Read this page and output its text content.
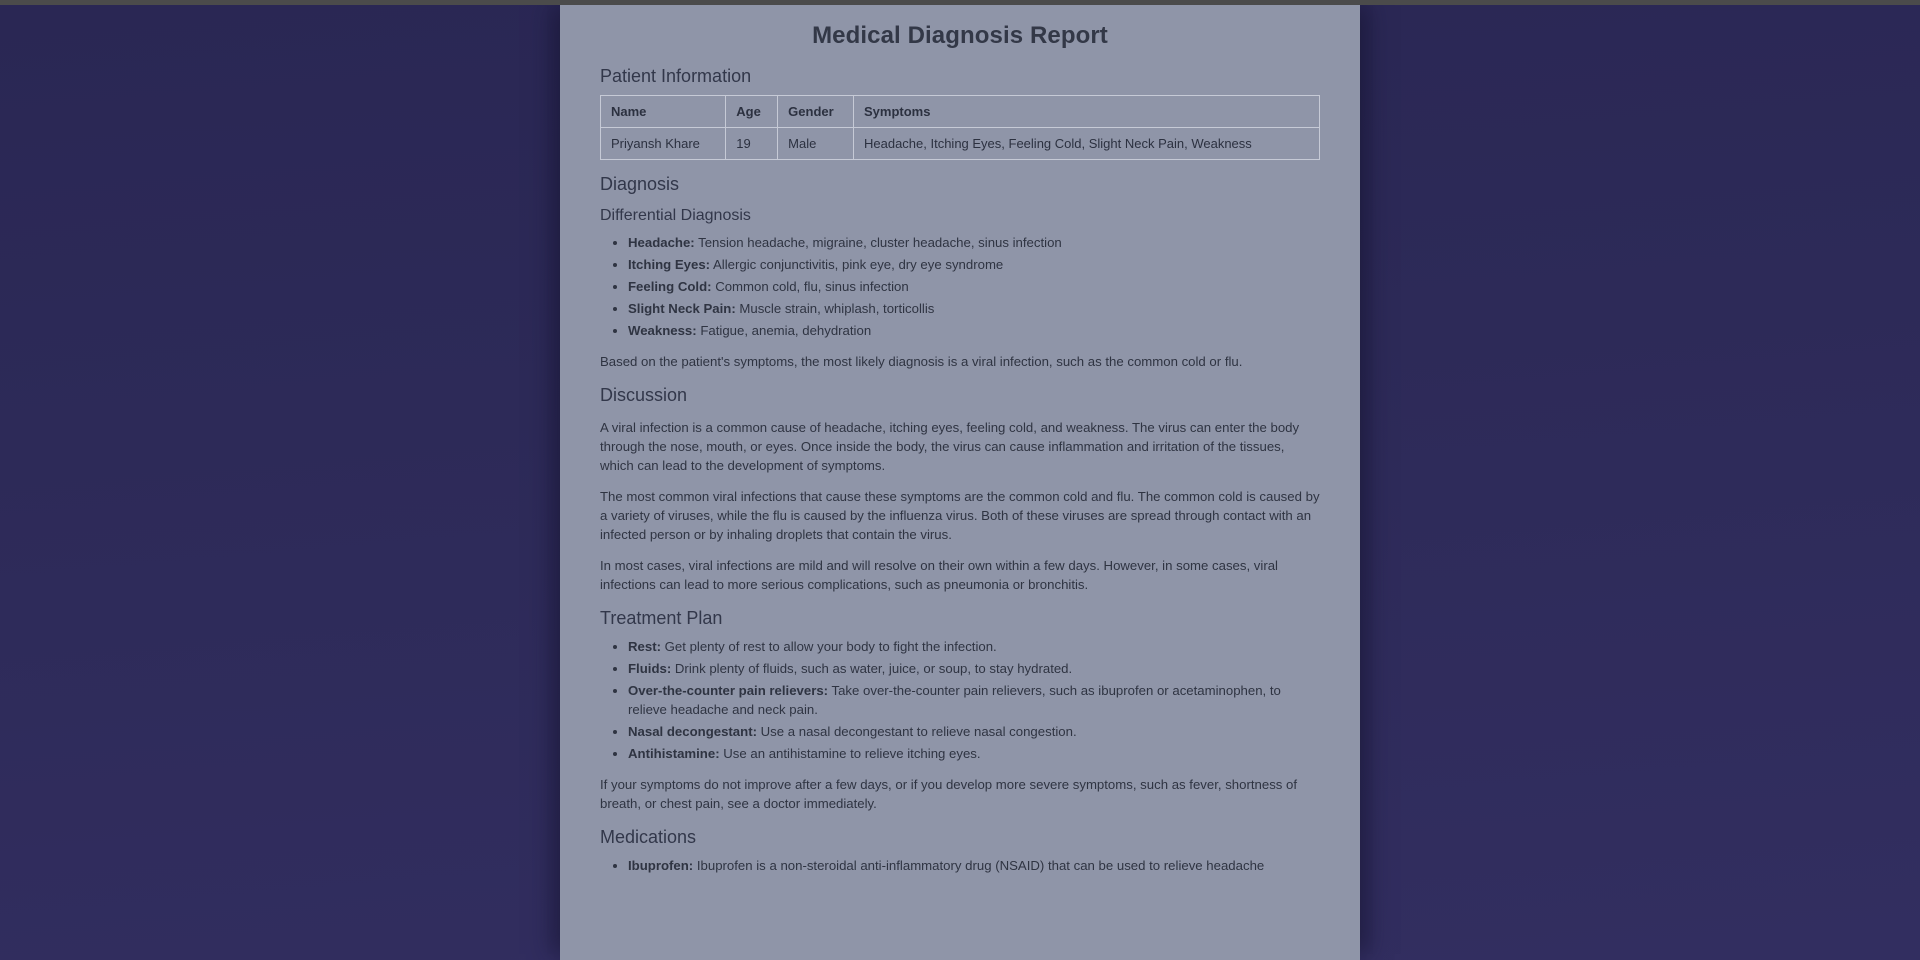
Medical Diagnosis Report
Patient Information
Name	Age	Gender	Symptoms
Priyansh Khare	19	Male	Headache, Itching Eyes, Feeling Cold, Slight Neck Pain, Weakness
Diagnosis
Differential Diagnosis
• Headache: Tension headache, migraine, cluster headache, sinus infection
• Itching Eyes: Allergic conjunctivitis, pink eye, dry eye syndrome
• Feeling Cold: Common cold, flu, sinus infection
• Slight Neck Pain: Muscle strain, whiplash, torticollis
• Weakness: Fatigue, anemia, dehydration

Based on the patient's symptoms, the most likely diagnosis is a viral infection, such as the common cold or flu.

Discussion

A viral infection is a common cause of headache, itching eyes, feeling cold, and weakness. The virus can enter the body through the nose, mouth, or eyes. Once inside the body, the virus can cause inflammation and irritation of the tissues, which can lead to the development of symptoms.

The most common viral infections that cause these symptoms are the common cold and flu. The common cold is caused by a variety of viruses, while the flu is caused by the influenza virus. Both of these viruses are spread through contact with an infected person or by inhaling droplets that contain the virus.

In most cases, viral infections are mild and will resolve on their own within a few days. However, in some cases, viral infections can lead to more serious complications, such as pneumonia or bronchitis.

Treatment Plan
• Rest: Get plenty of rest to allow your body to fight the infection.
• Fluids: Drink plenty of fluids, such as water, juice, or soup, to stay hydrated.
• Over-the-counter pain relievers: Take over-the-counter pain relievers, such as ibuprofen or acetaminophen, to relieve headache and neck pain.
• Nasal decongestant: Use a nasal decongestant to relieve nasal congestion.
• Antihistamine: Use an antihistamine to relieve itching eyes.

If your symptoms do not improve after a few days, or if you develop more severe symptoms, such as fever, shortness of breath, or chest pain, see a doctor immediately.

Medications
• Ibuprofen: Ibuprofen is a non-steroidal anti-inflammatory drug (NSAID) that can be used to relieve headache
